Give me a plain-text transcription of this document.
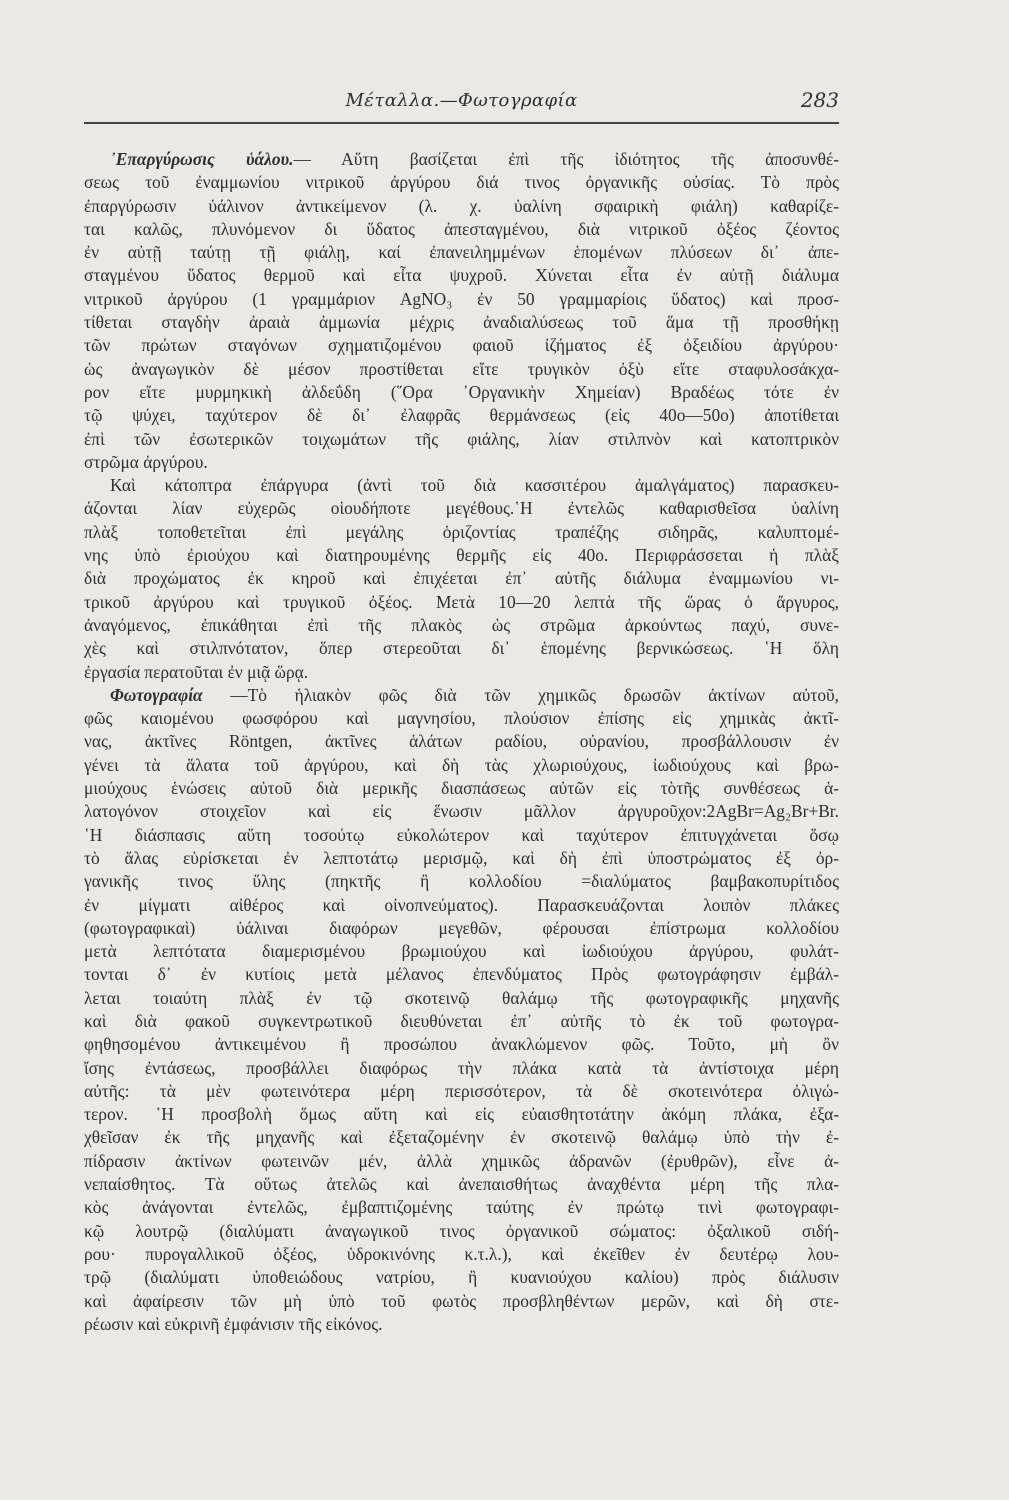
Μέταλλα.—Φωτογραφία	283
᾿Επαργύρωσις ὑάλου.— Αὕτη βασίζεται ἐπὶ τῆς ἰδιότητος τῆς ἀποσυνθέ-
σεως τοῦ ἐναμμωνίου νιτρικοῦ ἀργύρου διά τινος ὀργανικῆς οὐσίας. Τὸ πρὸς
ἐπαργύρωσιν ὑάλινον ἀντικείμενον (λ. χ. ὑαλίνη σφαιρικὴ φιάλη) καθαρίζε-
ται καλῶς, πλυνόμενον δι ὕδατος ἀπεσταγμένου, διὰ νιτρικοῦ ὀξέος ζέοντος
ἐν αὐτῇ ταύτῃ τῇ φιάλῃ, καί ἐπανειλημμένων ἑπομένων πλύσεων δι᾿ ἀπε-
σταγμένου ὕδατος θερμοῦ καὶ εἶτα ψυχροῦ. Χύνεται εἶτα ἐν αὐτῇ διάλυμα
νιτρικοῦ ἀργύρου (1 γραμμάριον AgNO₃ ἐν 50 γραμμαρίοις ὕδατος) καὶ προσ-
τίθεται σταγδὴν ἀραιὰ ἀμμωνία μέχρις ἀναδιαλύσεως τοῦ ἅμα τῇ προσθήκῃ
τῶν πρώτων σταγόνων σχηματιζομένου φαιοῦ ἰζήματος ἐξ ὀξειδίου ἀργύρου·
ὡς ἀναγωγικὸν δὲ μέσον προστίθεται εἴτε τρυγικὸν ὀξὺ εἴτε σταφυλοσάκχα-
ρον εἴτε μυρμηκικὴ ἀλδεΰδη (῞Ορα ᾿Οργανικὴν Χημείαν) Βραδέως τότε ἐν
τῷ ψύχει, ταχύτερον δὲ δι᾿ ἐλαφρᾶς θερμάνσεως (εἰς 40ο—50ο) ἀποτίθεται
ἐπὶ τῶν ἐσωτερικῶν τοιχωμάτων τῆς φιάλης, λίαν στιλπνὸν καὶ κατοπτρικὸν
στρῶμα ἀργύρου.
Καὶ κάτοπτρα ἐπάργυρα (ἀντὶ τοῦ διὰ κασσιτέρου ἀμαλγάματος) παρασκευ-
άζονται λίαν εὐχερῶς οἱουδήποτε μεγέθους.῾Η ἐντελῶς καθαρισθεῖσα ὑαλίνη
πλὰξ τοποθετεῖται ἐπὶ μεγάλης ὁριζοντίας τραπέζης σιδηρᾶς, καλυπτομέ-
νης ὑπὸ ἐριούχου καὶ διατηρουμένης θερμῆς εἰς 40ο. Περιφράσσεται ἡ πλὰξ
διὰ προχώματος ἐκ κηροῦ καὶ ἐπιχέεται ἐπ᾿ αὐτῆς διάλυμα ἐναμμωνίου νι-
τρικοῦ ἀργύρου καὶ τρυγικοῦ ὀξέος. Μετὰ 10—20 λεπτὰ τῆς ὥρας ὁ ἄργυρος,
ἀναγόμενος, ἐπικάθηται ἐπὶ τῆς πλακὸς ὡς στρῶμα ἀρκούντως παχύ, συνε-
χὲς καὶ στιλπνότατον, ὅπερ στερεοῦται δι᾿ ἑπομένης βερνικώσεως. ῾Η ὅλη
ἐργασία περατοῦται ἐν μιᾷ ὥρᾳ.
Φωτογραφία —Τὸ ἡλιακὸν φῶς διὰ τῶν χημικῶς δρωσῶν ἀκτίνων αὐτοῦ,
φῶς καιομένου φωσφόρου καὶ μαγνησίου, πλούσιον ἐπίσης εἰς χημικὰς ἀκτῖ-
νας, ἀκτῖνες Röntgen, ἀκτῖνες ἁλάτων ραδίου, οὐρανίου, προσβάλλουσιν ἐν
γένει τὰ ἅλατα τοῦ ἀργύρου, καὶ δὴ τὰς χλωριούχους, ἰωδιούχους καὶ βρω-
μιούχους ἑνώσεις αὐτοῦ διὰ μερικῆς διασπάσεως αὐτῶν εἰς τὸτῆς συνθέσεως ἁ-
λατογόνον στοιχεῖον καὶ εἰς ἕνωσιν μᾶλλον ἀργυροῦχον:2AgBr=Ag₂Br+Br.
῾Η διάσπασις αὕτη τοσούτῳ εὐκολώτερον καὶ ταχύτερον ἐπιτυγχάνεται ὅσῳ
τὸ ἅλας εὑρίσκεται ἐν λεπτοτάτῳ μερισμῷ, καὶ δὴ ἐπὶ ὑποστρώματος ἐξ ὀρ-
γανικῆς τινος ὕλης (πηκτῆς ἢ κολλοδίου =διαλύματος βαμβακοπυρίτιδος
ἐν μίγματι αἰθέρος καὶ οἰνοπνεύματος). Παρασκευάζονται λοιπὸν πλάκες
(φωτογραφικαὶ) ὑάλιναι διαφόρων μεγεθῶν, φέρουσαι ἐπίστρωμα κολλοδίου
μετὰ λεπτότατα διαμερισμένου βρωμιούχου καὶ ἰωδιούχου ἀργύρου, φυλάτ-
τονται δ᾿ ἐν κυτίοις μετὰ μέλανος ἐπενδύματος Πρὸς φωτογράφησιν ἐμβάλ-
λεται τοιαύτη πλὰξ ἐν τῷ σκοτεινῷ θαλάμῳ τῆς φωτογραφικῆς μηχανῆς
καὶ διὰ φακοῦ συγκεντρωτικοῦ διευθύνεται ἐπ᾿ αὐτῆς τὸ ἐκ τοῦ φωτογρα-
φηθησομένου ἀντικειμένου ἢ προσώπου ἀνακλώμενον φῶς. Τοῦτο, μὴ ὂν
ἴσης ἐντάσεως, προσβάλλει διαφόρως τὴν πλάκα κατὰ τὰ ἀντίστοιχα μέρη
αὐτῆς: τὰ μὲν φωτεινότερα μέρη περισσότερον, τὰ δὲ σκοτεινότερα ὀλιγώ-
τερον. ῾Η προσβολὴ ὅμως αὕτη καὶ εἰς εὐαισθητοτάτην ἀκόμη πλάκα, ἐξα-
χθεῖσαν ἐκ τῆς μηχανῆς καὶ ἐξεταζομένην ἐν σκοτεινῷ θαλάμῳ ὑπὸ τὴν ἐ-
πίδρασιν ἀκτίνων φωτεινῶν μέν, ἀλλὰ χημικῶς ἀδρανῶν (ἐρυθρῶν), εἶνε ἀ-
νεπαίσθητος. Τὰ οὕτως ἀτελῶς καὶ ἀνεπαισθήτως ἀναχθέντα μέρη τῆς πλα-
κὸς ἀνάγονται ἐντελῶς, ἐμβαπτιζομένης ταύτης ἐν πρώτῳ τινὶ φωτογραφι-
κῷ λουτρῷ (διαλύματι ἀναγωγικοῦ τινος ὀργανικοῦ σώματος: ὀξαλικοῦ σιδή-
ρου· πυρογαλλικοῦ ὀξέος, ὑδροκινόνης κ.τ.λ.), καὶ ἐκεῖθεν ἐν δευτέρῳ λου-
τρῷ (διαλύματι ὑποθειώδους νατρίου, ἢ κυανιούχου καλίου) πρὸς διάλυσιν
καὶ ἀφαίρεσιν τῶν μὴ ὑπὸ τοῦ φωτὸς προσβληθέντων μερῶν, καὶ δὴ στε-
ρέωσιν καὶ εὐκρινῆ ἐμφάνισιν τῆς εἰκόνος.
